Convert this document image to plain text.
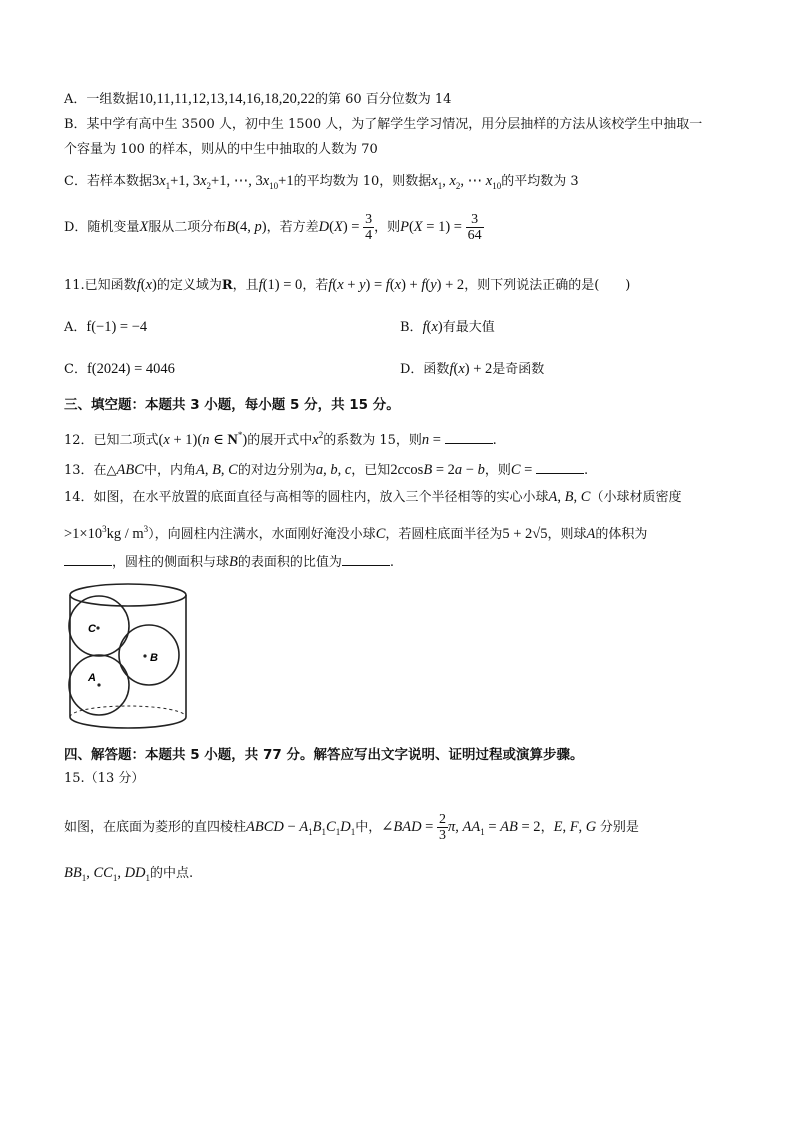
A．一组数据10,11,11,12,13,14,16,18,20,22的第 60 百分位数为 14
B．某中学有高中生 3500 人，初中生 1500 人，为了解学生学习情况，用分层抽样的方法从该校学生中抽取一
个容量为 100 的样本，则从的中生中抽取的人数为 70
C．若样本数据$3x_1+1$, $3x_2+1$, ⋯, $3x_{10}+1$的平均数为 10，则数据$x_1$, $x_2$, ⋯ $x_{10}$的平均数为 3
D．随机变量X服从二项分布B(4, p)，若方差$D(X) = \frac{3}{4}$ ，则$P(X = 1) = \frac{3}{64}$
11.已知函数f(x)的定义域为R，且f(1) = 0，若f(x + y) = f(x) + f(y) + 2，则下列说法正确的是(　　)
A．f(−1) = −4	B．f(x)有最大值
C．f(2024) = 4046	D．函数f(x) + 2是奇函数
三、填空题：本题共 3 小题，每小题 5 分，共 15 分。
12．已知二项式(x + 1)(n ∈ N*)的展开式中$x^2$的系数为 15，则n =	.
13．在△ABC中，内角A, B, C的对边分别为a, b, c，已知2ccosB = 2a − b，则C =	.
14．如图，在水平放置的底面直径与高相等的圆柱内，放入三个半径相等的实心小球A, B, C（小球材质密度
$>1\times 10^3kg / m^3$），向圆柱内注满水，水面刚好淹没小球C，若圆柱底面半径为5 + 2√5，则球A的体积为
，圆柱的侧面积与球B的表面积的比值为	.
C
B
A
四、解答题：本题共 5 小题，共 77 分。解答应写出文字说明、证明过程或演算步骤。
15.（13 分）
如图，在底面为菱形的直四棱柱ABCD − $A_1B_1C_1D_1$中，∠BAD = $\frac{2}{3} \pi$, $AA_1$ = AB = 2，E, F, G 分别是
$BB_1$, $CC_1$, $DD_1$的中点.
